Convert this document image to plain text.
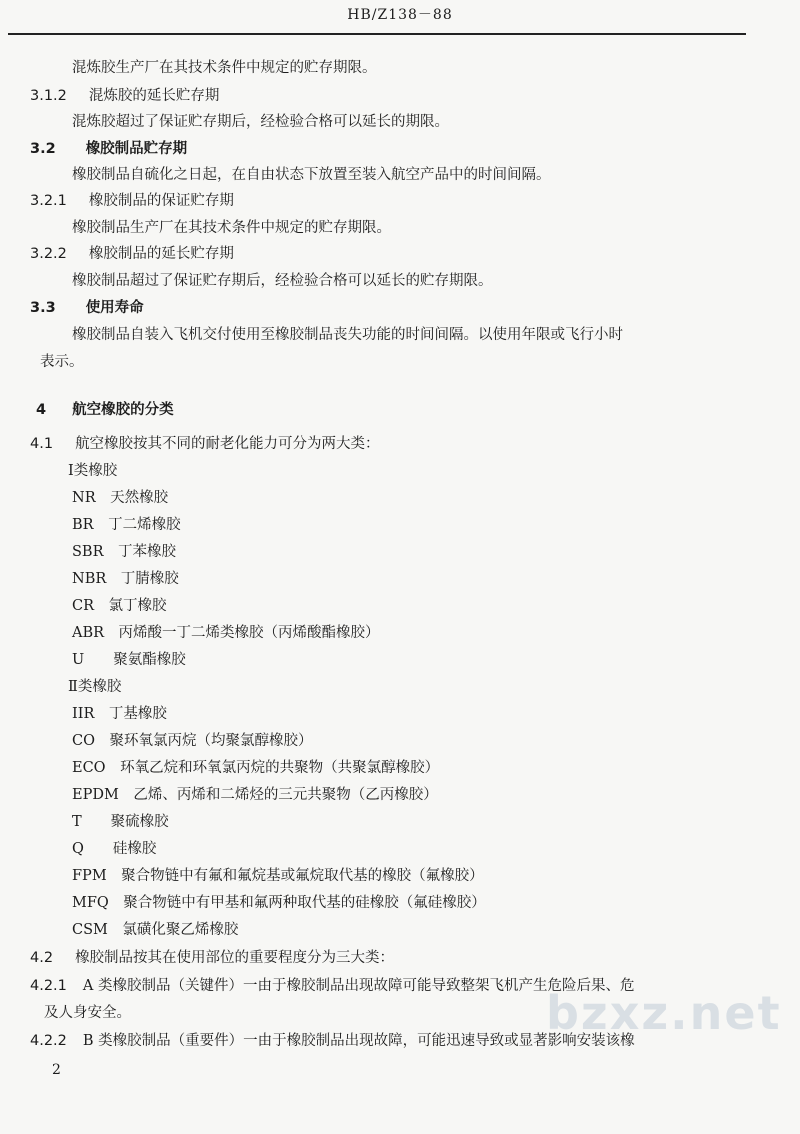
HB/Z138－88
混炼胶生产厂在其技术条件中规定的贮存期限。
3.1.2 混炼胶的延长贮存期
混炼胶超过了保证贮存期后，经检验合格可以延长的期限。
3.2 橡胶制品贮存期
橡胶制品自硫化之日起，在自由状态下放置至装入航空产品中的时间间隔。
3.2.1 橡胶制品的保证贮存期
橡胶制品生产厂在其技术条件中规定的贮存期限。
3.2.2 橡胶制品的延长贮存期
橡胶制品超过了保证贮存期后，经检验合格可以延长的贮存期限。
3.3 使用寿命
橡胶制品自装入飞机交付使用至橡胶制品丧失功能的时间间隔。以使用年限或飞行小时
表示。
4 航空橡胶的分类
4.1 航空橡胶按其不同的耐老化能力可分为两大类：
Ⅰ类橡胶
NR　天然橡胶
BR　丁二烯橡胶
SBR　丁苯橡胶
NBR　丁腈橡胶
CR　氯丁橡胶
ABR　丙烯酸一丁二烯类橡胶（丙烯酸酯橡胶）
U　　聚氨酯橡胶
Ⅱ类橡胶
IIR　丁基橡胶
CO　聚环氧氯丙烷（均聚氯醇橡胶）
ECO　环氧乙烷和环氧氯丙烷的共聚物（共聚氯醇橡胶）
EPDM　乙烯、丙烯和二烯烃的三元共聚物（乙丙橡胶）
T　　聚硫橡胶
Q　　硅橡胶
FPM　聚合物链中有氟和氟烷基或氟烷取代基的橡胶（氟橡胶）
MFQ　聚合物链中有甲基和氟两种取代基的硅橡胶（氟硅橡胶）
CSM　氯磺化聚乙烯橡胶
4.2 橡胶制品按其在使用部位的重要程度分为三大类：
4.2.1 A 类橡胶制品（关键件）一由于橡胶制品出现故障可能导致整架飞机产生危险后果、危
及人身安全。
4.2.2 B 类橡胶制品（重要件）一由于橡胶制品出现故障，可能迅速导致或显著影响安装该橡
bzxz.net
2
